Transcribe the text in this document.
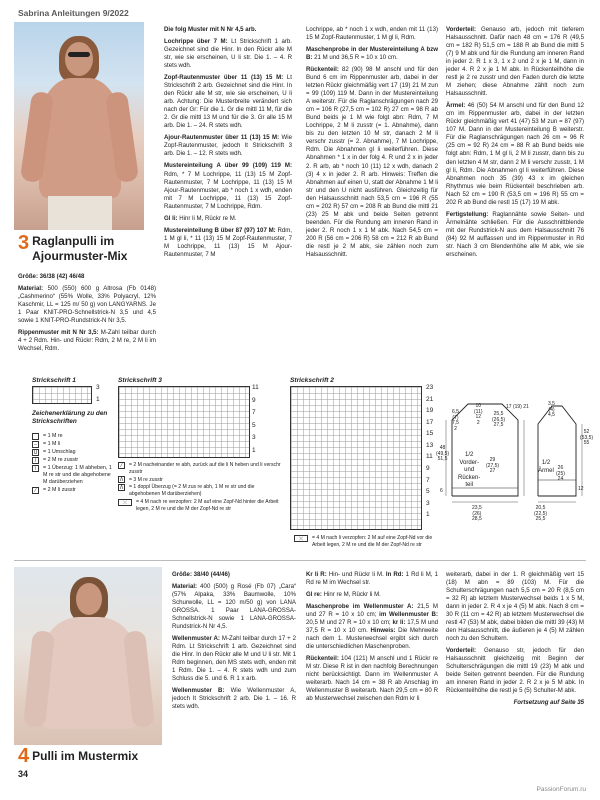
Sabrina Anleitungen 9/2022
3 Raglanpulli im Ajourmuster-Mix

Größe: 36/38 (42) 46/48

Material: 500 (550) 600 g Altrosa (Fb 0148) „Cashmerino“ (55% Wolle, 33% Polyacryl, 12% Kaschmir, LL = 125 m/ 50 g) von LANGYARNS. Je 1 Paar KNIT-PRO-Schnellstrick-N 3,5 und 4,5 sowie 1 KNIT-PRO-Rundstrick-N Nr 3,5.

Rippenmuster mit N Nr 3,5: M-Zahl teilbar durch 4 + 2 Rdm. Hin- und Rückr: Rdm, 2 M re, 2 M li im Wechsel, Rdm.

Die folg Muster mit N Nr 4,5 arb.

Lochrippe über 7 M: Lt Strickschrift 1 arb. Gezeichnet sind die Hinr. In den Rückr alle M str, wie sie erscheinen, U li str. Die 1. – 4. R stets wdh.

Zopf-Rautenmuster über 11 (13) 15 M: Lt Strickschrift 2 arb. Gezeichnet sind die Hinr. In den Rückr alle M str, wie sie erscheinen, U li arb. Achtung: Die Musterbreite verändert sich nach der Gr: Für die 1. Gr die mittl 11 M, für die 2. Gr die mittl 13 M und für die 3. Gr alle 15 M arb. Die 1. – 24. R stets wdh.

Ajour-Rautenmuster über 11 (13) 15 M: Wie Zopf-Rautenmuster, jedoch lt Strickschrift 3 arb. Die 1. – 12. R stets wdh.

Mustereinteilung A über 99 (109) 119 M: Rdm, * 7 M Lochrippe, 11 (13) 15 M Zopf-Rautenmuster, 7 M Lochrippe, 11 (13) 15 M Ajour-Rautenmuster, ab * noch 1 x wdh, enden mit 7 M Lochrippe, 11 (13) 15 Zopf-Rautenmuster, 7 M Lochrippe, Rdm.

Gl li: Hinr li M, Rückr re M.

Mustereinteilung B über 87 (97) 107 M: Rdm, 1 M gl li, * 11 (13) 15 M Zopf-Rautenmuster, 7 M Lochrippe, 11 (13) 15 M Ajour-Rautenmuster, 7 M

Lochrippe, ab * noch 1 x wdh, enden mit 11 (13) 15 M Zopf-Rautenmuster, 1 M gl li, Rdm.

Maschenprobe in der Mustereinteilung A bzw B: 21 M und 36,5 R = 10 x 10 cm.

Rückenteil: 82 (90) 98 M anschl und für den Bund 6 cm im Rippenmuster arb, dabei in der letzten Rückr gleichmäßig vert 17 (19) 21 M zun = 99 (109) 119 M. Dann in der Mustereinteilung A weiterstr. Für die Raglanschrägungen nach 29 cm = 106 R (27,5 cm = 102 R) 27 cm = 98 R ab Bund beids je 1 M wie folgt abn: Rdm, 7 M Lochrippe, 2 M li zusstr (= 1. Abnahme), dann bis zu den letzten 10 M str, danach 2 M li verschr zusstr (= 2. Abnahme), 7 M Lochrippe, Rdm. Die Abnahmen gl li weiterführen. Diese Abnahmen * 1 x in der folg 4. R und 2 x in jeder 2. R arb, ab * noch 10 (11) 12 x wdh, danach 2 (3) 4 x in jeder 2. R arb. Hinweis: Treffen die Abnahmen auf einen U, statt der Abnahme 1 M li str und den U nicht ausführen. Gleichzeitig für den Halsausschnitt nach 53,5 cm = 196 R (55 cm = 202 R) 57 cm = 208 R ab Bund die mittl 21 (23) 25 M abk und beide Seiten getrennt beenden. Für die Rundung am inneren Rand in jeder 2. R noch 1 x 1 M abk. Nach 54,5 cm = 200 R (56 cm = 206 R) 58 cm = 212 R ab Bund die restl je 2 M abk, sie zählen noch zum Halsausschnitt.

Vorderteil: Genauso arb, jedoch mit tieferem Halsausschnitt. Dafür nach 48 cm = 176 R (49,5 cm = 182 R) 51,5 cm = 188 R ab Bund die mittl 5 (7) 9 M abk und für die Rundung am inneren Rand in jeder 2. R 1 x 3, 1 x 2 und 2 x je 1 M, dann in jeder 4. R 2 x je 1 M abk. In Rückenteilhöhe die restl je 2 re zusstr und den Faden durch die letzte M ziehen; diese Abnahme zählt noch zum Halsausschnitt.

Ärmel: 46 (50) 54 M anschl und für den Bund 12 cm im Rippenmuster arb, dabei in der letzten Rückr gleichmäßig vert 41 (47) 53 M zun = 87 (97) 107 M. Dann in der Mustereinteilung B weiterstr. Für die Raglanschrägungen nach 26 cm = 96 R (25 cm = 92 R) 24 cm = 88 R ab Bund beids wie folgt abn: Rdm, 1 M gl li, 2 M li zusstr, dann bis zu den letzten 4 M str, dann 2 M li verschr zusstr, 1 M gl li, Rdm. Die Abnahmen gl li weiterführen. Diese Abnahmen noch 35 (39) 43 x im gleichen Rhythmus wie beim Rückenteil beschrieben arb. Nach 52 cm = 190 R (53,5 cm = 196 R) 55 cm = 202 R ab Bund die restl 15 (17) 19 M abk.

Fertigstellung: Raglannähte sowie Seiten- und Ärmelnähte schließen. Für die Ausschnittblende mit der Rundstrick-N aus dem Halsausschnitt 76 (84) 92 M auffassen und im Rippenmuster in Rd str. Nach 3 cm Blendenhöhe alle M abk, wie sie erscheinen.

Strickschrift 1
3
1
Strickschrift 3
11
9
7
5
3
1
Strickschrift 2
23
21
19
17
15
13
11
9
7
5
3
1
Zeichenerklärung zu den Strickschriften
= 1 M re
–	= 1 M li
U	= 1 Umschlag
/	= 2 M re zusstr
\	= 1 Überzug: 1 M abheben, 1 M re str und die abgehobene M darüberziehen
⁄	= 2 M li zusstr
⁄	= 2 M nacheinander re abh, zurück auf die li N heben und li verschr zusstr
Λ	= 3 M re zusstr
Λ	= 1 doppl Überzug (= 2 M zus re abh, 1 M re str und die abgehobenen M darüberziehen)
⤫	= 4 M nach re verzopfen: 2 M auf eine Zopf-Nd hinter die Arbeit legen, 2 M re und die M der Zopf-Nd re str
⤬	= 4 M nach li verzopfen: 2 M auf eine Zopf-Nd vor die Arbeit legen, 2 M re und die M der Zopf-Nd re str
1/2
Vorder-
und
Rücken-
teil
1/2 Ärmel
6,5
(7)
7,5
2
10
(11)
12
2
48
(49,5)
51,5
25,5
(26,5)
27,5
29
(27,5)
27
23,5
(26)
28,5
6
3,5
(4)
4,5
52
(53,5)
55
26
(25)
24
12
20,5
(22,5)
25,5
17 (19) 21
4 Pulli im Mustermix

Größe: 38/40 (44/46)

Material: 400 (500) g Rosé (Fb 07) „Cara“ (57% Alpaka, 33% Baumwolle, 10% Schurwolle, LL = 120 m/50 g) von LANA GROSSA. 1 Paar LANA-GROSSA-Schnellstrick-N sowie 1 LANA-GROSSA-Rundstrick-N Nr 4,5.

Wellenmuster A: M-Zahl teilbar durch 17 + 2 Rdm. Lt Strickschrift 1 arb. Gezeichnet sind die Hinr. In den Rückr alle M und U li str. Mit 1 Rdm beginnen, den MS stets wdh, enden mit 1 Rdm. Die 1. – 4. R stets wdh und zum Schluss die 5. und 6. R 1 x arb.

Wellenmuster B: Wie Wellenmuster A, jedoch lt Strickschrift 2 arb. Die 1. – 16. R stets wdh.

Kr li R: Hin- und Rückr li M. In Rd: 1 Rd li M, 1 Rd re M im Wechsel str.

Gl re: Hinr re M, Rückr li M.

Maschenprobe im Wellenmuster A: 21,5 M und 27 R = 10 x 10 cm; im Wellenmuster B: 20,5 M und 27 R = 10 x 10 cm; kr li: 17,5 M und 37,5 R = 10 x 10 cm. Hinweis: Die Mehrweite nach dem 1. Musterwechsel ergibt sich durch die unterschiedlichen Maschenproben.

Rückenteil: 104 (121) M anschl und 1 Rückr re M str. Diese R ist in den nachfolg Berechnungen nicht berücksichtigt. Dann im Wellenmuster A weiterarb. Nach 14 cm = 38 R ab Anschlag im Wellenmuster B weiterarb. Nach 29,5 cm = 80 R ab Musterwechsel zwischen den Rdm kr li

weiterarb, dabei in der 1. R gleichmäßig vert 15 (18) M abn = 89 (103) M. Für die Schulterschrägungen nach 5,5 cm = 20 R (8,5 cm = 32 R) ab letztem Musterwechsel beids 1 x 5 M, dann in jeder 2. R 4 x je 4 (5) M abk. Nach 8 cm = 30 R (11 cm = 42 R) ab letztem Musterwechsel die restl 47 (53) M abk, dabei bilden die mittl 39 (43) M den Halsausschnitt, die äußeren je 4 (5) M zählen noch zu den Schultern.

Vorderteil: Genauso str, jedoch für den Halsausschnitt gleichzeitig mit Beginn der Schulterschrägungen die mittl 19 (23) M abk und beide Seiten getrennt beenden. Für die Rundung am inneren Rand in jeder 2. R 2 x je 5 M abk. In Rückenteilhöhe die restl je 5 (5) Schulter-M abk.

Fortsetzung auf Seite 35

34
PassionForum.ru
